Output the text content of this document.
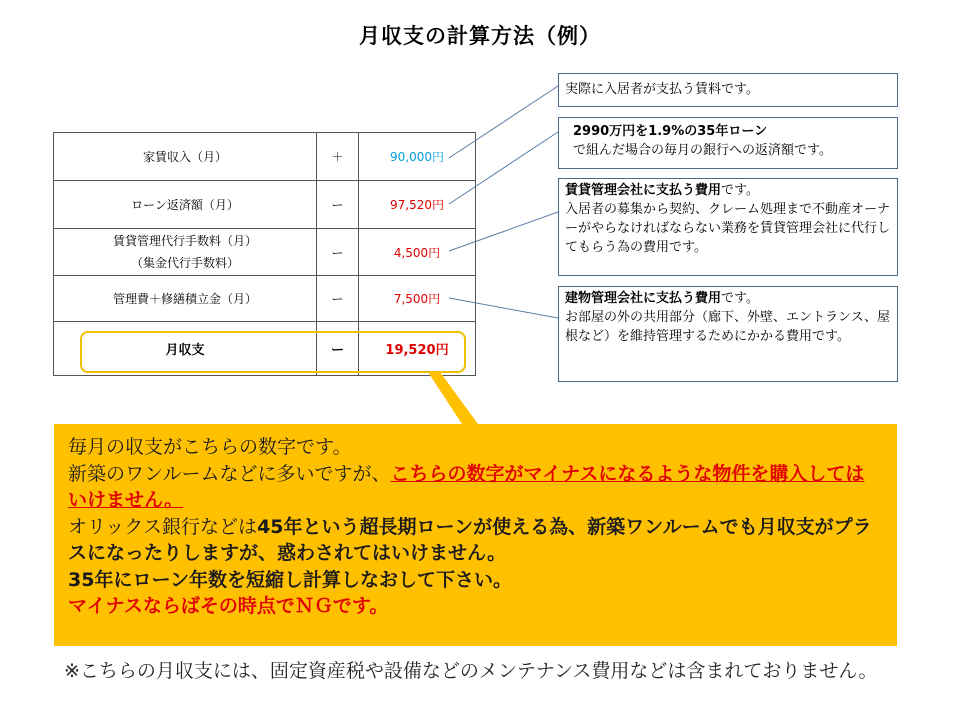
月収支の計算方法（例）
家賃収入（月）	＋	90,000円
ローン返済額（月）	ー	97,520円

賃貸管理代行手数料（月）
（集金代行手数料）	ー	4,500円
管理費＋修繕積立金（月）	ー	7,500円
月収支	ー	19,520円
実際に入居者が支払う賃料です。
2990万円を1.9%の35年ローン
で組んだ場合の毎月の銀行への返済額です。
賃貸管理会社に支払う費用です。
入居者の募集から契約、クレーム処理まで不動産オーナーがやらなければならない業務を賃貸管理会社に代行してもらう為の費用です。
建物管理会社に支払う費用です。
お部屋の外の共用部分（廊下、外壁、エントランス、屋根など）を維持管理するためにかかる費用です。
毎月の収支がこちらの数字です。
新築のワンルームなどに多いですが、こちらの数字がマイナスになるような物件を購入してはいけません。
オリックス銀行などは45年という超長期ローンが使える為、新築ワンルームでも月収支がプラスになったりしますが、惑わされてはいけません。
35年にローン年数を短縮し計算しなおして下さい。
マイナスならばその時点でＮＧです。
※こちらの月収支には、固定資産税や設備などのメンテナンス費用などは含まれておりません。
